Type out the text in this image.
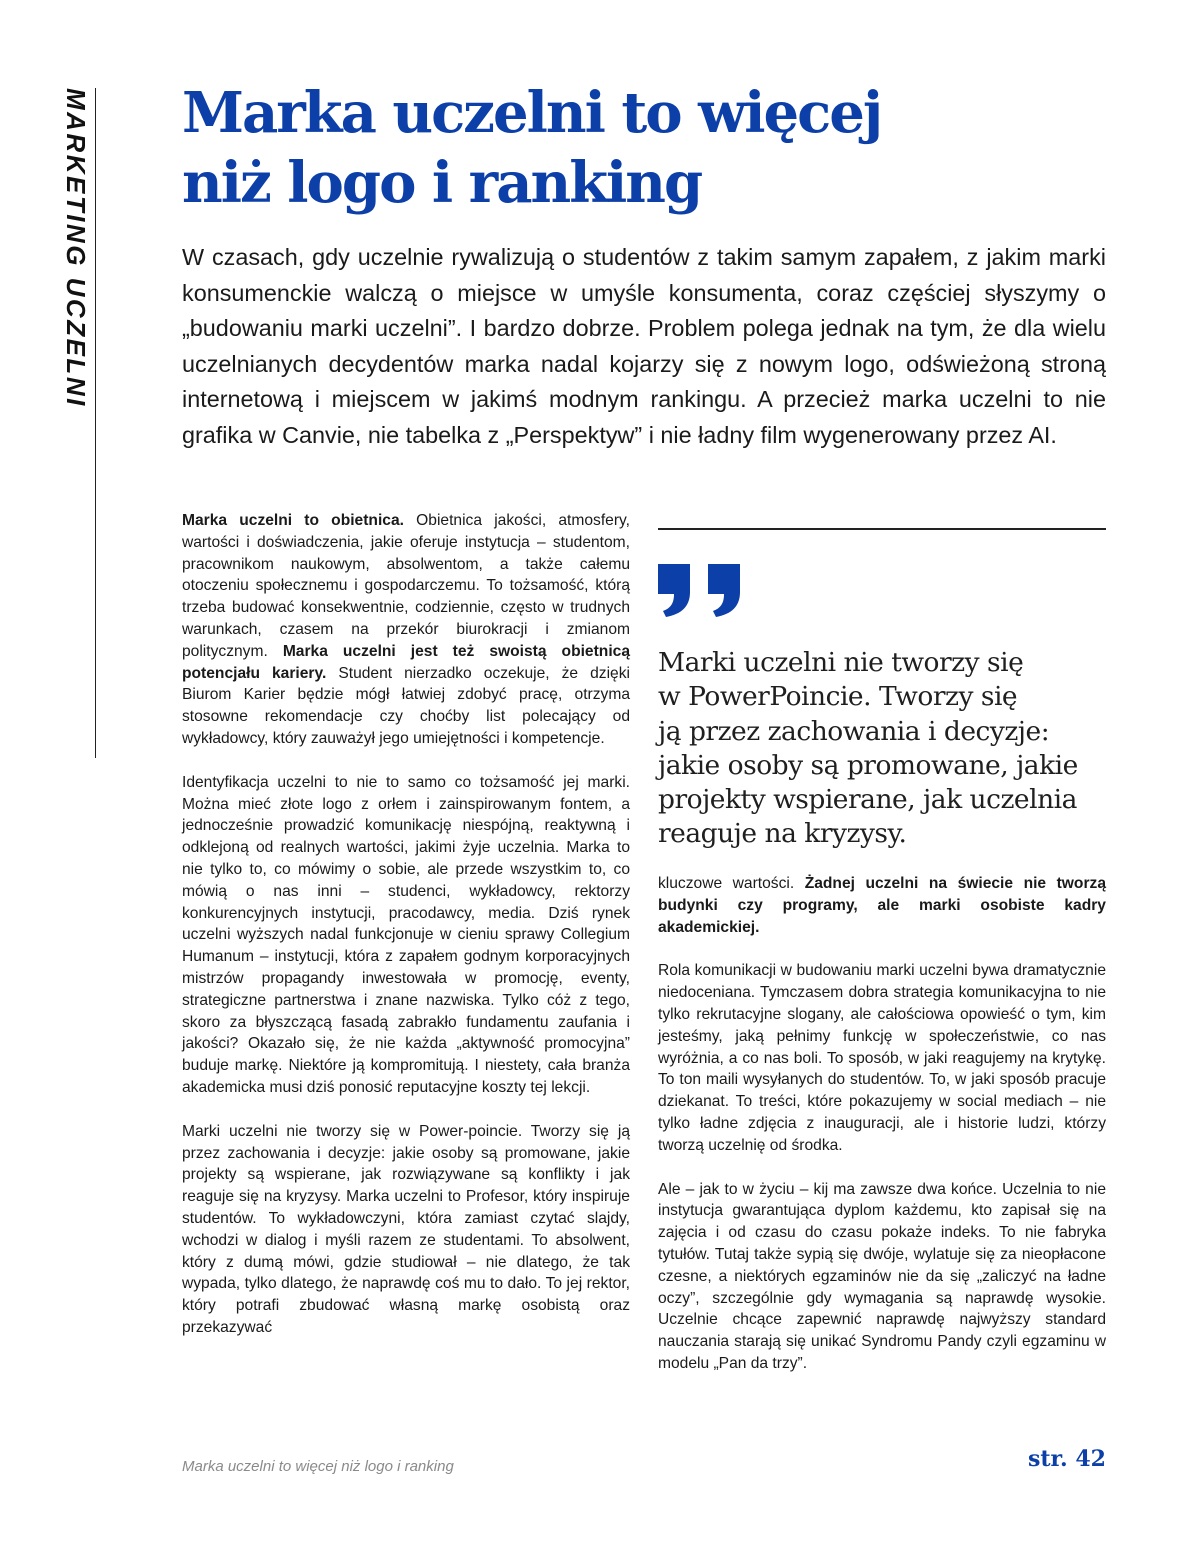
MARKETING UCZELNI Marka uczelni to więcej
niż logo i ranking

W czasach, gdy uczelnie rywalizują o studentów z takim samym zapałem, z jakim marki konsumenckie walczą o miejsce w umyśle konsumenta, coraz częściej słyszymy o „budowaniu marki uczelni”. I bardzo dobrze. Problem polega jednak na tym, że dla wielu uczelnianych decydentów marka nadal kojarzy się z nowym logo, odświeżoną stroną internetową i miejscem w jakimś modnym rankingu. A przecież marka uczelni to nie grafika w Canvie, nie tabelka z „Perspektyw” i nie ładny film wygenerowany przez AI.

Marka uczelni to obietnica. Obietnica jakości, atmosfery, wartości i doświadczenia, jakie oferuje instytucja – studentom, pracownikom naukowym, absolwentom, a także całemu otoczeniu społecznemu i gospodarczemu. To tożsamość, którą trzeba budować konsekwentnie, codziennie, często w trudnych warunkach, czasem na przekór biurokracji i zmianom politycznym. Marka uczelni jest też swoistą obietnicą potencjału kariery. Student nierzadko oczekuje, że dzięki Biurom Karier będzie mógł łatwiej zdobyć pracę, otrzyma stosowne rekomendacje czy choćby list polecający od wykładowcy, który zauważył jego umiejętności i kompetencje.

Identyfikacja uczelni to nie to samo co tożsamość jej marki. Można mieć złote logo z orłem i zainspirowanym fontem, a jednocześnie prowadzić komunikację niespójną, reaktywną i odklejoną od realnych wartości, jakimi żyje uczelnia. Marka to nie tylko to, co mówimy o sobie, ale przede wszystkim to, co mówią o nas inni – studenci, wykładowcy, rektorzy konkurencyjnych instytucji, pracodawcy, media. Dziś rynek uczelni wyższych nadal funkcjonuje w cieniu sprawy Collegium Humanum – instytucji, która z zapałem godnym korporacyjnych mistrzów propagandy inwestowała w promocję, eventy, strategiczne partnerstwa i znane nazwiska. Tylko cóż z tego, skoro za błyszczącą fasadą zabrakło fundamentu zaufania i jakości? Okazało się, że nie każda „aktywność promocyjna” buduje markę. Niektóre ją kompromitują. I niestety, cała branża akademicka musi dziś ponosić reputacyjne koszty tej lekcji.

Marki uczelni nie tworzy się w Power-poincie. Tworzy się ją przez zachowania i decyzje: jakie osoby są promowane, jakie projekty są wspierane, jak rozwiązywane są konflikty i jak reaguje się na kryzysy. Marka uczelni to Profesor, który inspiruje studentów. To wykładowczyni, która zamiast czytać slajdy, wchodzi w dialog i myśli razem ze studentami. To absolwent, który z dumą mówi, gdzie studiował – nie dlatego, że tak wypada, tylko dlatego, że naprawdę coś mu to dało. To jej rektor, który potrafi zbudować własną markę osobistą oraz przekazywać

Marki uczelni nie tworzy się
w PowerPoincie. Tworzy się
ją przez zachowania i decyzje:
jakie osoby są promowane, jakie
projekty wspierane, jak uczelnia
reaguje na kryzysy.

kluczowe wartości. Żadnej uczelni na świecie nie tworzą budynki czy programy, ale marki osobiste kadry akademickiej.

Rola komunikacji w budowaniu marki uczelni bywa dramatycznie niedoceniana. Tymczasem dobra strategia komunikacyjna to nie tylko rekrutacyjne slogany, ale całościowa opowieść o tym, kim jesteśmy, jaką pełnimy funkcję w społeczeństwie, co nas wyróżnia, a co nas boli. To sposób, w jaki reagujemy na krytykę. To ton maili wysyłanych do studentów. To, w jaki sposób pracuje dziekanat. To treści, które pokazujemy w social mediach – nie tylko ładne zdjęcia z inauguracji, ale i historie ludzi, którzy tworzą uczelnię od środka.

Ale – jak to w życiu – kij ma zawsze dwa końce. Uczelnia to nie instytucja gwarantująca dyplom każdemu, kto zapisał się na zajęcia i od czasu do czasu pokaże indeks. To nie fabryka tytułów. Tutaj także sypią się dwóje, wylatuje się za nieopłacone czesne, a niektórych egzaminów nie da się „zaliczyć na ładne oczy”, szczególnie gdy wymagania są naprawdę wysokie. Uczelnie chcące zapewnić naprawdę najwyższy standard nauczania starają się unikać Syndromu Pandy czyli egzaminu w modelu „Pan da trzy”.

Marka uczelni to więcej niż logo i ranking	str. 42
